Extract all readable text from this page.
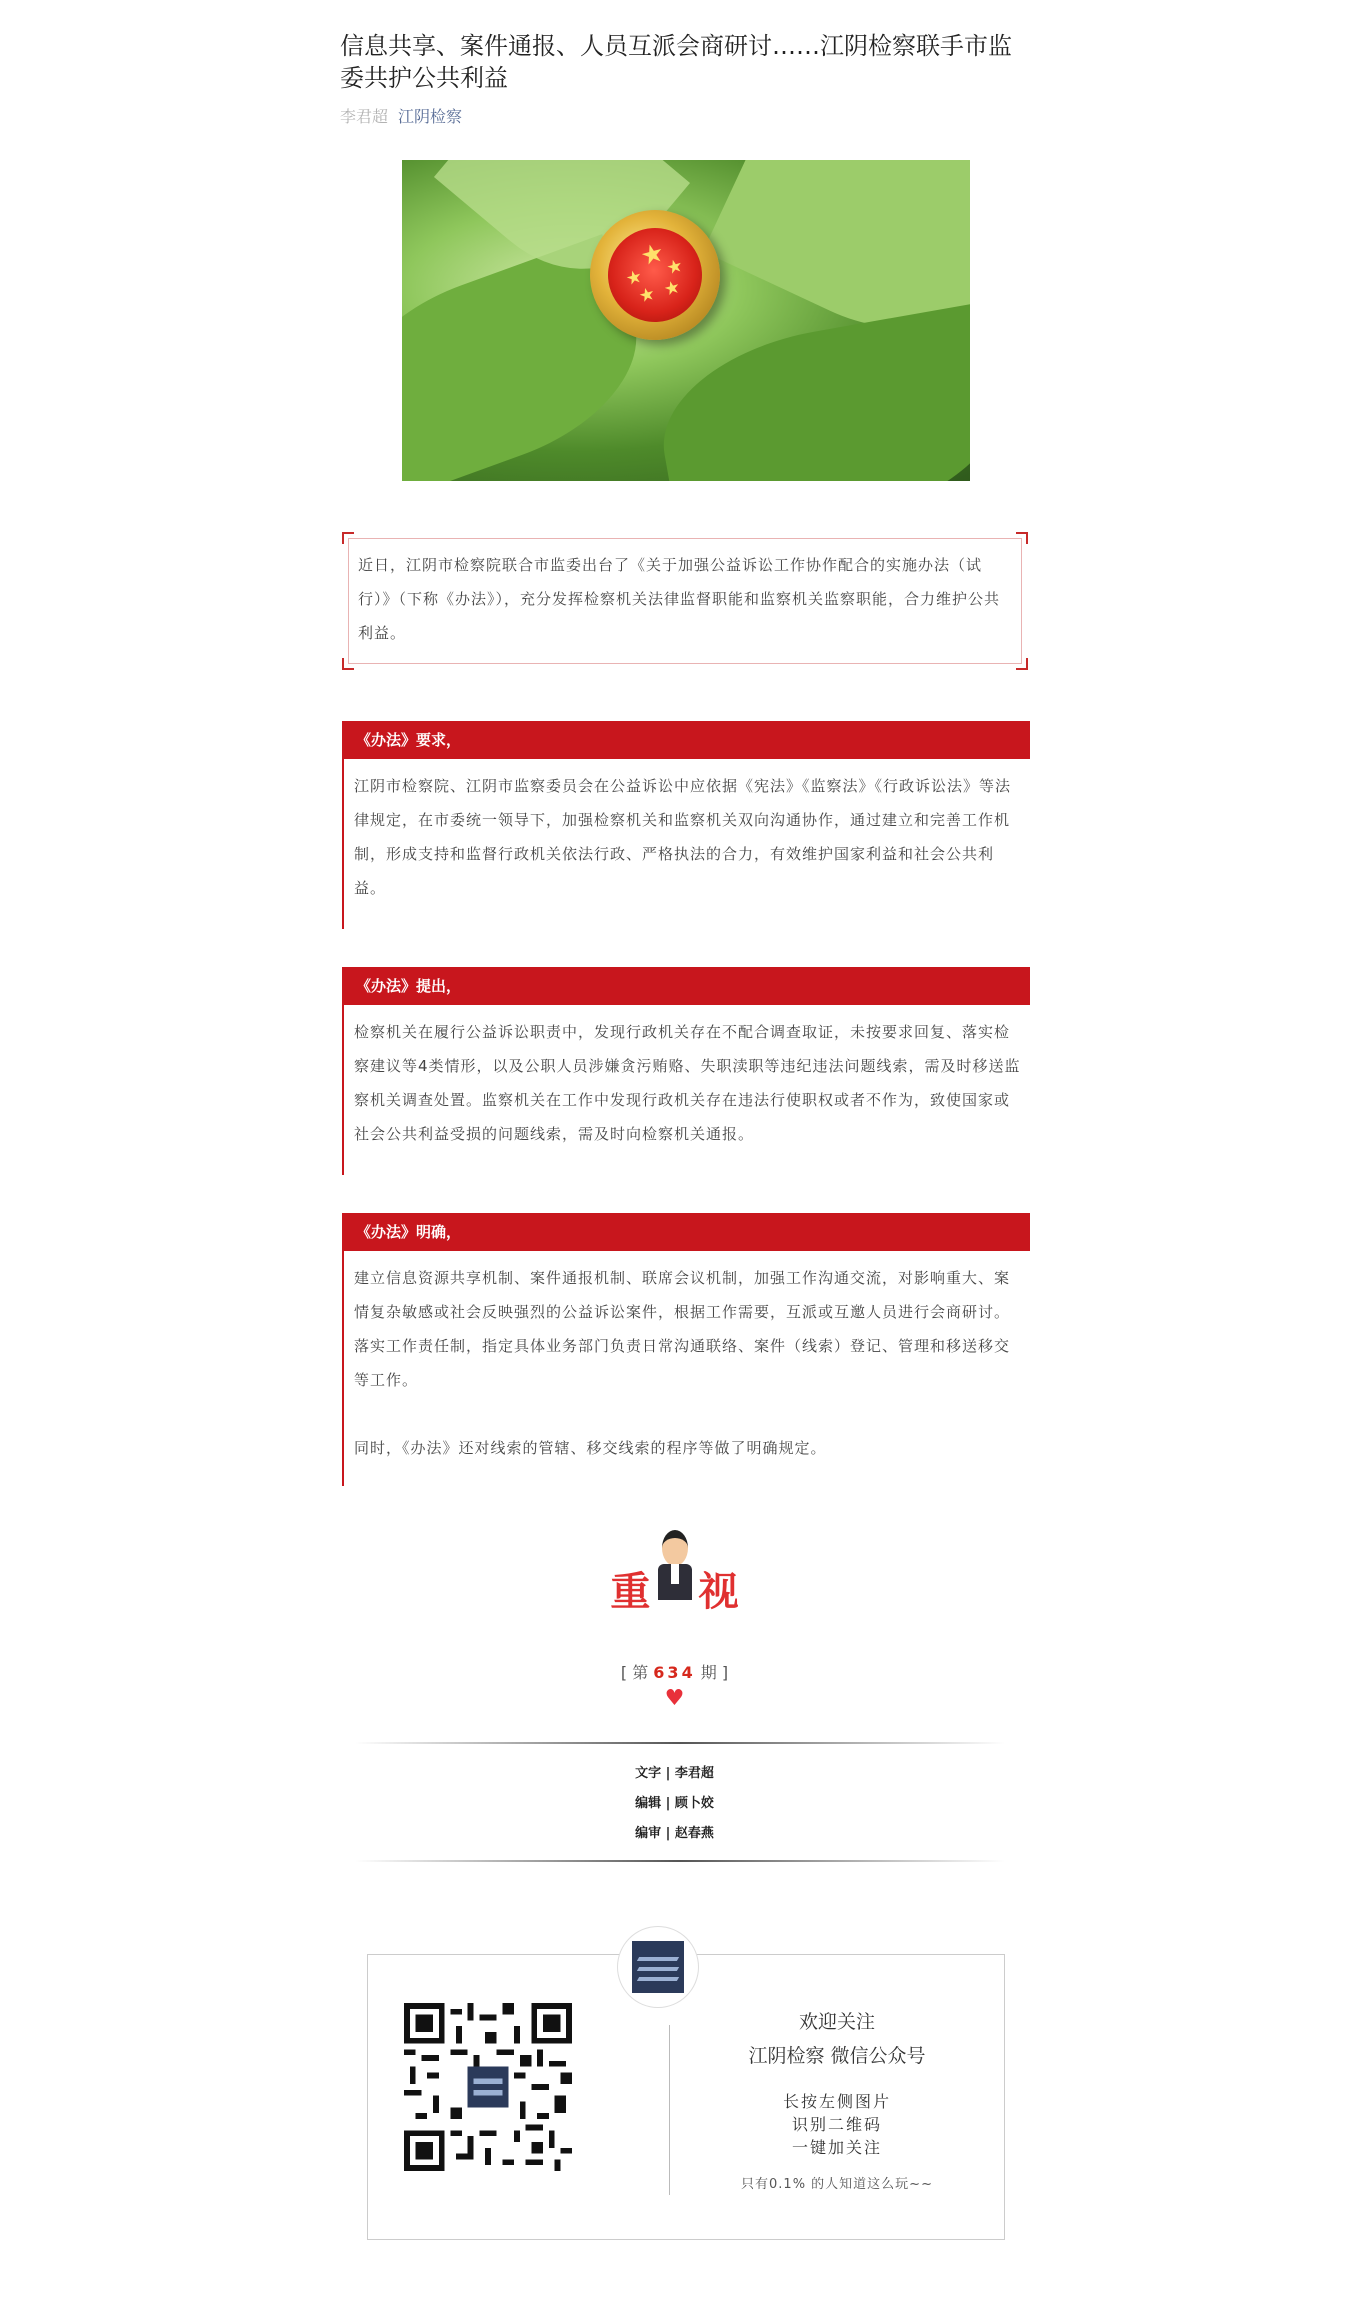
信息共享、案件通报、人员互派会商研讨……江阴检察联手市监委共护公共利益
李君超 江阴检察
★
★ ★
★ ★
近日，江阴市检察院联合市监委出台了《关于加强公益诉讼工作协作配合的实施办法（试行）》（下称《办法》），充分发挥检察机关法律监督职能和监察机关监察职能，合力维护公共利益。
《办法》要求，

江阴市检察院、江阴市监察委员会在公益诉讼中应依据《宪法》《监察法》《行政诉讼法》等法律规定，在市委统一领导下，加强检察机关和监察机关双向沟通协作，通过建立和完善工作机制，形成支持和监督行政机关依法行政、严格执法的合力，有效维护国家利益和社会公共利益。

《办法》提出，

检察机关在履行公益诉讼职责中，发现行政机关存在不配合调查取证，未按要求回复、落实检察建议等4类情形，以及公职人员涉嫌贪污贿赂、失职渎职等违纪违法问题线索，需及时移送监察机关调查处置。监察机关在工作中发现行政机关存在违法行使职权或者不作为，致使国家或社会公共利益受损的问题线索，需及时向检察机关通报。

《办法》明确，

建立信息资源共享机制、案件通报机制、联席会议机制，加强工作沟通交流，对影响重大、案情复杂敏感或社会反映强烈的公益诉讼案件，根据工作需要，互派或互邀人员进行会商研讨。落实工作责任制，指定具体业务部门负责日常沟通联络、案件（线索）登记、管理和移送移交等工作。

同时，《办法》还对线索的管辖、移交线索的程序等做了明确规定。

重 视
[ 第 634 期 ]
♥
文字 | 李君超
编辑 | 顾卜姣
编审 | 赵春燕
欢迎关注
江阴检察 微信公众号
长按左侧图片
识别二维码
一键加关注
只有0.1% 的人知道这么玩~~
